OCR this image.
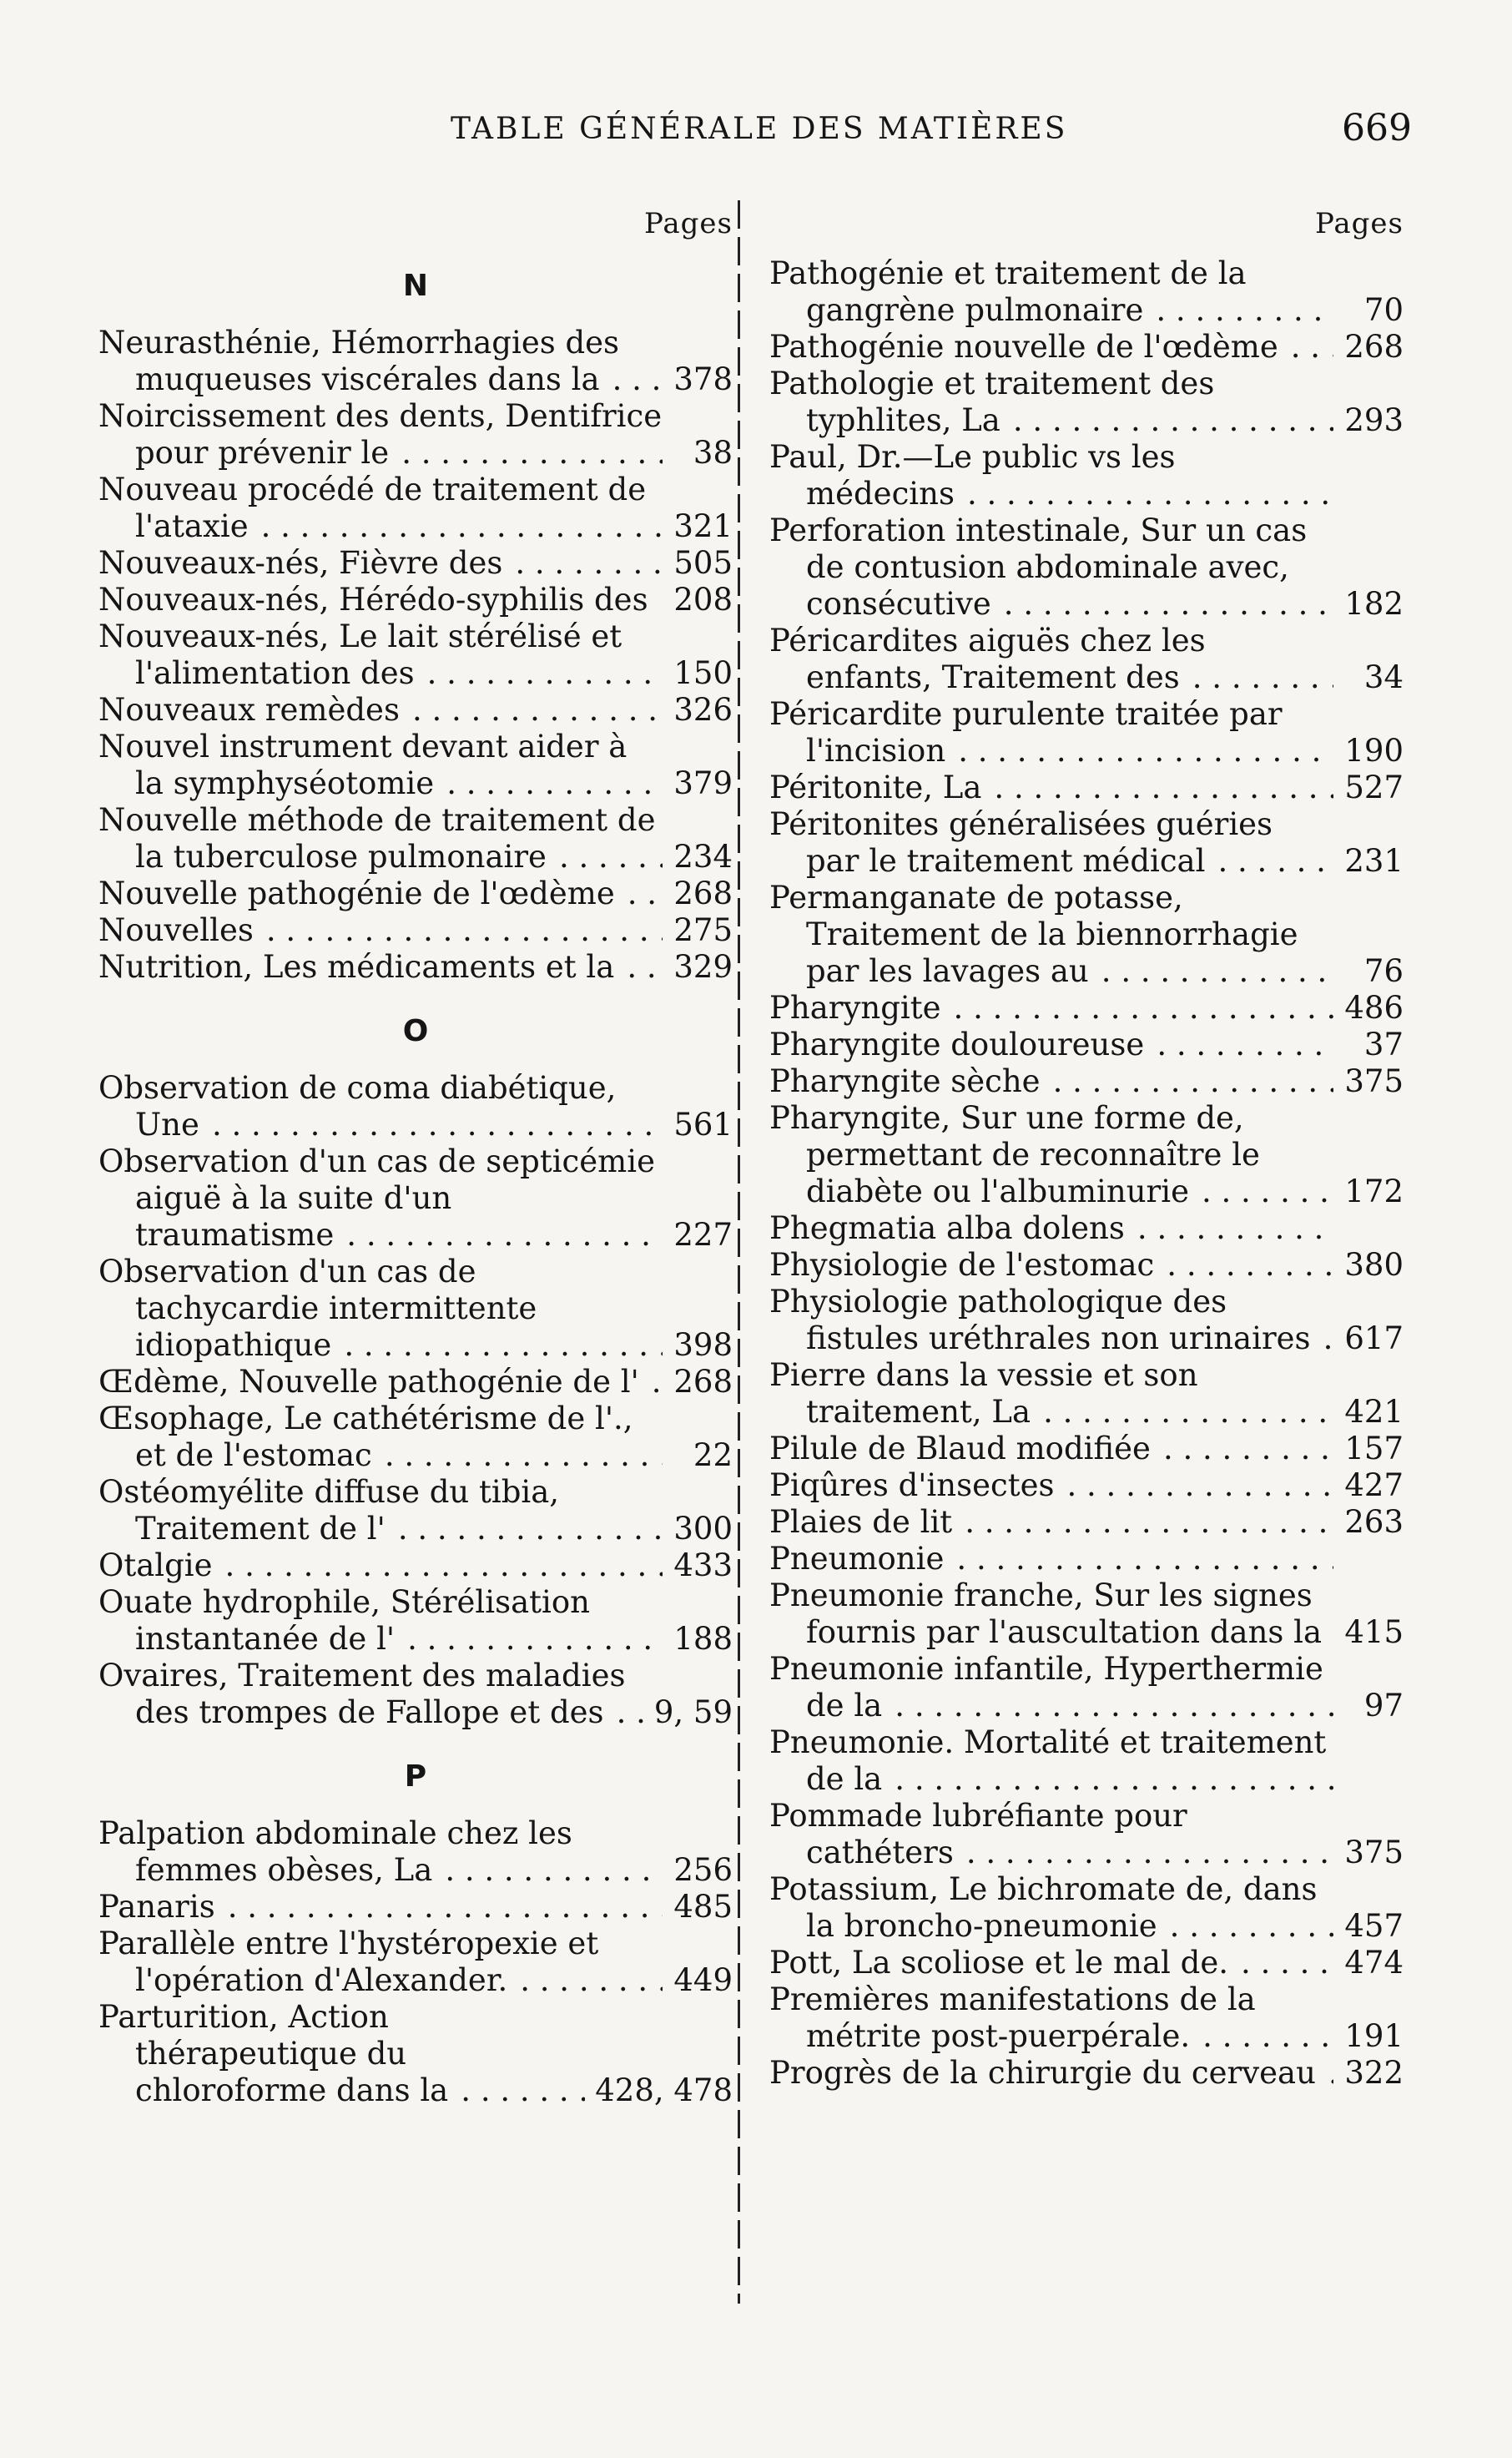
TABLE GÉNÉRALE DES MATIÈRES	669
Pages
N
Neurasthénie, Hémorrhagies des muqueuses viscérales dans la . . .	378
Noircissement des dents, Dentifrice pour prévenir le . . .	38
Nouveau procédé de traitement de l'ataxie . . .	321
Nouveaux-nés, Fièvre des . . .	505
Nouveaux-nés, Hérédo-syphilis des . . . 208
Nouveaux-nés, Le lait stérélisé et l'alimentation des . . .	150
Nouveaux remèdes . . .	326
Nouvel instrument devant aider à la symphyséotomie . . .	379
Nouvelle méthode de traitement de la tuberculose pulmonaire . . .	234
Nouvelle pathogénie de l'œdème . . .	268
Nouvelles . . .	275
Nutrition, Les médicaments et la . . .	329
O
Observation de coma diabétique, Une . . .	561
Observation d'un cas de septicémie aiguë à la suite d'un traumatisme . . .	227
Observation d'un cas de tachycardie intermittente idiopathique . . .	398
Œdème, Nouvelle pathogénie de l' . . .	268
Œsophage, Le cathétérisme de l'., et de l'estomac . . .	22
Ostéomyélite diffuse du tibia, Traitement de l' . . .	300
Otalgie . . .	433
Ouate hydrophile, Stérélisation instantanée de l' . . .	188
Ovaires, Traitement des maladies des trompes de Fallope et des . . .	9, 59
P
Palpation abdominale chez les femmes obèses, La . . .	256
Panaris . . .	485
Parallèle entre l'hystéropexie et l'opération d'Alexander. . . .	449
Parturition, Action thérapeutique du chloroforme dans la . . .	428, 478
Pages
Pathogénie et traitement de la gangrène pulmonaire . . .	70
Pathogénie nouvelle de l'œdème . . .	268
Pathologie et traitement des typhlites, La . . .	293
Paul, Dr.—Le public vs les médecins . . .
Perforation intestinale, Sur un cas de contusion abdominale avec, consécutive . . .	182
Péricardites aiguës chez les enfants, Traitement des . . .	34
Péricardite purulente traitée par l'incision . . .	190
Péritonite, La . . .	527
Péritonites généralisées guéries par le traitement médical . . .	231
Permanganate de potasse, Traitement de la biennorrhagie par les lavages au . . .	76
Pharyngite . . .	486
Pharyngite douloureuse . . .	37
Pharyngite sèche . . .	375
Pharyngite, Sur une forme de, permettant de reconnaître le diabète ou l'albuminurie . . .	172
Phegmatia alba dolens . . .
Physiologie de l'estomac . . .	380
Physiologie pathologique des fistules uréthrales non urinaires . . .	617
Pierre dans la vessie et son traitement, La . . .	421
Pilule de Blaud modifiée . . .	157
Piqûres d'insectes . . .	427
Plaies de lit . . .	263
Pneumonie . . .
Pneumonie franche, Sur les signes fournis par l'auscultation dans la . . . 415
Pneumonie infantile, Hyperthermie de la . . .	97
Pneumonie. Mortalité et traitement de la . . .
Pommade lubréfiante pour cathéters . . .	375
Potassium, Le bichromate de, dans la broncho-pneumonie . . .	457
Pott, La scoliose et le mal de. . . .	474
Premières manifestations de la métrite post-puerpérale. . . .	191
Progrès de la chirurgie du cerveau . . . 322
